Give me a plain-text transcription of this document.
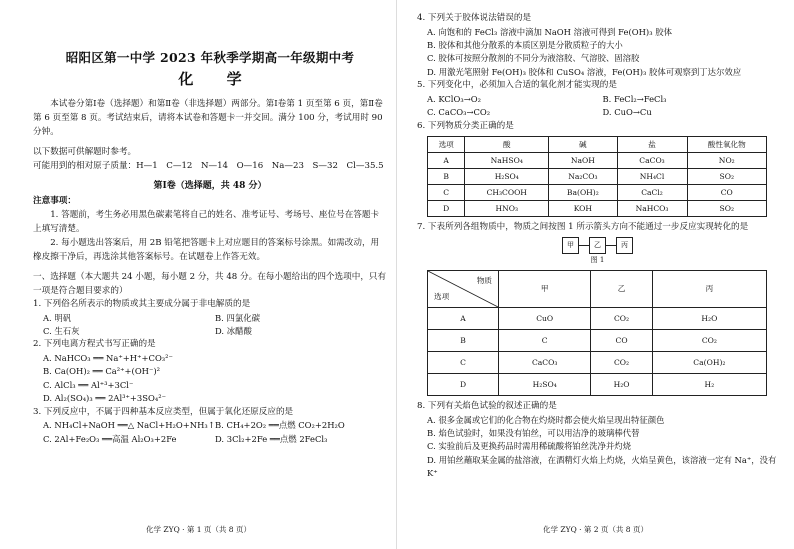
昭阳区第一中学 2023 年秋季学期高一年级期中考
化 学

本试卷分第Ⅰ卷（选择题）和第Ⅱ卷（非选择题）两部分。第Ⅰ卷第 1 页至第 6 页，第Ⅱ卷第 6 页至第 8 页。考试结束后，请将本试卷和答题卡一并交回。满分 100 分，考试用时 90 分钟。

以下数据可供解题时参考。

可能用到的相对原子质量：H—1　C—12　N—14　O—16　Na—23　S—32　Cl—35.5

第Ⅰ卷（选择题，共 48 分）

注意事项：

1. 答题前，考生务必用黑色碳素笔将自己的姓名、准考证号、考场号、座位号在答题卡上填写清楚。

2. 每小题选出答案后，用 2B 铅笔把答题卡上对应题目的答案标号涂黑。如需改动，用橡皮擦干净后，再选涂其他答案标号。在试题卷上作答无效。

一、选择题（本大题共 24 小题，每小题 2 分，共 48 分。在每小题给出的四个选项中，只有一项是符合题目要求的）

1. 下列俗名所表示的物质或其主要成分属于非电解质的是
A. 明矾	B. 四氯化碳
C. 生石灰	D. 冰醋酸
2. 下列电离方程式书写正确的是
A. NaHCO₃ ══ Na⁺+H⁺+CO₃²⁻
B. Ca(OH)₂ ══ Ca²⁺+(OH⁻)²
C. AlCl₃ ══ Al⁺³+3Cl⁻
D. Al₂(SO₄)₃ ══ 2Al³⁺+3SO₄²⁻
3. 下列反应中，不属于四种基本反应类型，但属于氧化还原反应的是
A. NH₄Cl+NaOH ══△ NaCl+H₂O+NH₃↑ B. CH₄+2O₂ ══点燃 CO₂+2H₂O
C. 2Al+Fe₂O₃ ══高温 Al₂O₃+2Fe	D. 3Cl₂+2Fe ══点燃 2FeCl₃
化学 ZYQ · 第 1 页（共 8 页）
4. 下列关于胶体说法错误的是
A. 向饱和的 FeCl₃ 溶液中滴加 NaOH 溶液可得到 Fe(OH)₃ 胶体
B. 胶体和其他分散系的本质区别是分散质粒子的大小
C. 胶体可按照分散剂的不同分为液溶胶、气溶胶、固溶胶
D. 用激光笔照射 Fe(OH)₃ 胶体和 CuSO₄ 溶液，Fe(OH)₃ 胶体可观察到丁达尔效应
5. 下列变化中，必须加入合适的氧化剂才能实现的是
A. KClO₃→O₂	B. FeCl₂→FeCl₃
C. CaCO₃→CO₂	D. CuO→Cu
6. 下列物质分类正确的是
选项	酸	碱	盐	酸性氧化物
A	NaHSO₄	NaOH	CaCO₃	NO₂
B	H₂SO₄	Na₂CO₃	NH₄Cl	SO₂
C	CH₃COOH	Ba(OH)₂	CaCl₂	CO
D	HNO₃	KOH	NaHCO₃	SO₂
7. 下表所列各组物质中，物质之间按图 1 所示箭头方向不能通过一步反应实现转化的是
甲	乙	丙
图 1
物质
选项	甲	乙	丙
A	CuO	CO₂	H₂O
B	C	CO	CO₂
C	CaCO₃	CO₂	Ca(OH)₂
D	H₂SO₄	H₂O	H₂
8. 下列有关焰色试验的叙述正确的是
A. 很多金属或它们的化合物在灼烧时都会使火焰呈现出特征颜色
B. 焰色试验时，如果没有铂丝，可以用洁净的玻璃棒代替
C. 实验前后及更换药品时需用稀硫酸将铂丝洗净并灼烧
D. 用铂丝蘸取某金属的盐溶液，在酒精灯火焰上灼烧，火焰呈黄色，该溶液一定有 Na⁺，没有 K⁺
化学 ZYQ · 第 2 页（共 8 页）
